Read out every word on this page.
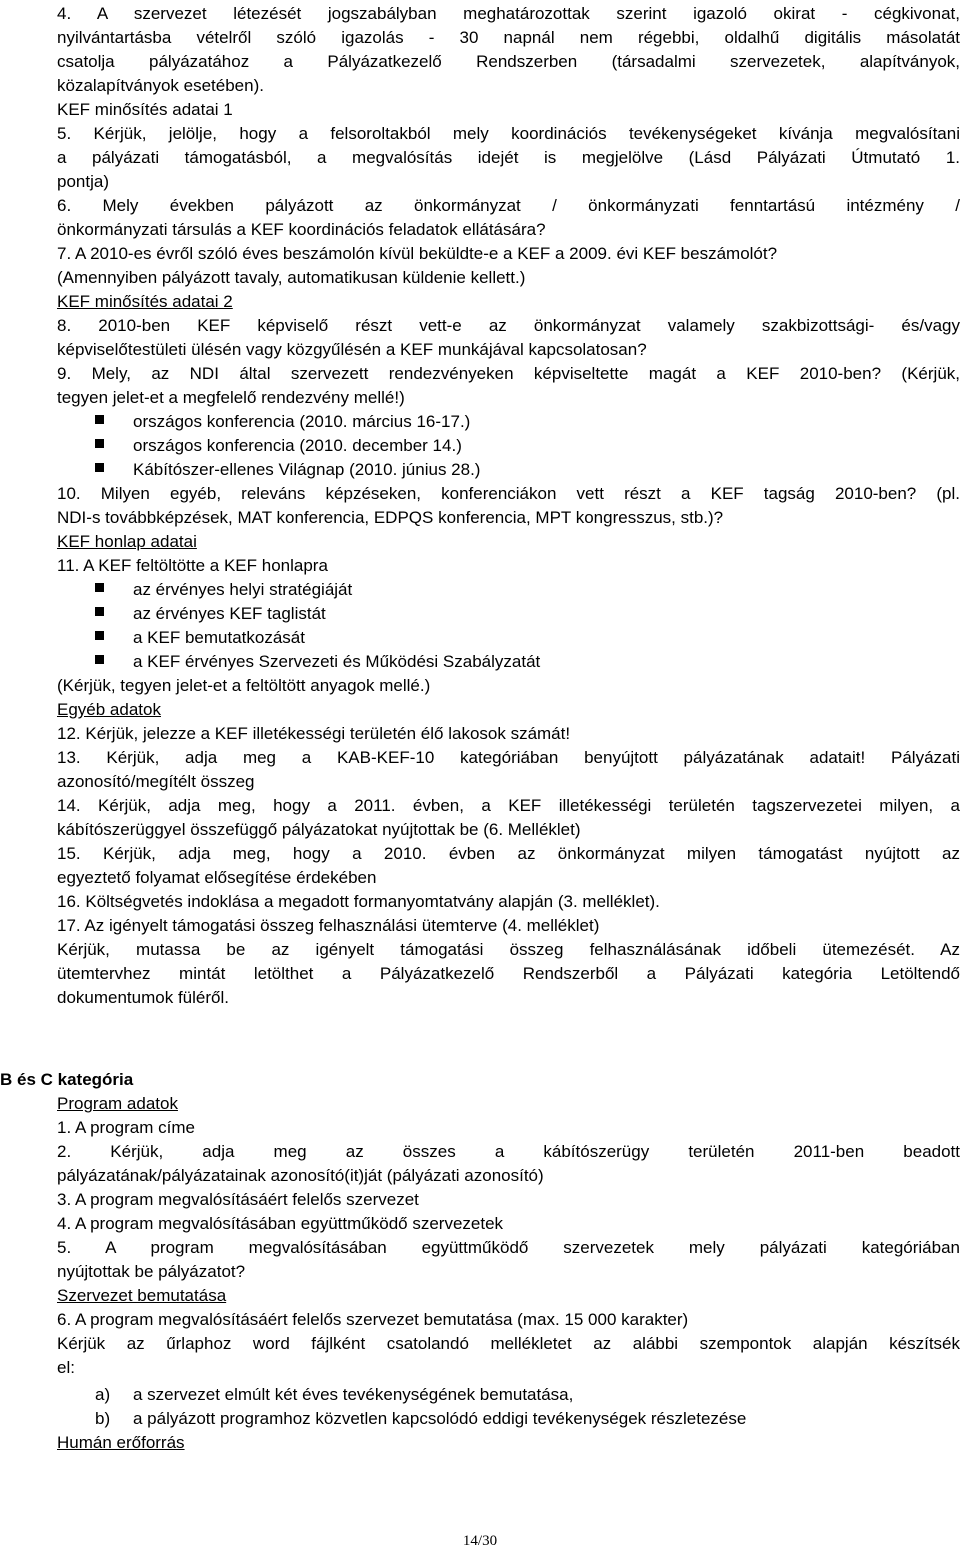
4. A szervezet létezését jogszabályban meghatározottak szerint igazoló okirat - cégkivonat,
nyilvántartásba vételről szóló igazolás - 30 napnál nem régebbi, oldalhű digitális másolatát
csatolja pályázatához a Pályázatkezelő Rendszerben (társadalmi szervezetek, alapítványok,
közalapítványok esetében).
KEF minősítés adatai 1
5. Kérjük, jelölje, hogy a felsoroltakból mely koordinációs tevékenységeket kívánja megvalósítani
a pályázati támogatásból, a megvalósítás idejét is megjelölve (Lásd Pályázati Útmutató 1.
pontja)
6. Mely években pályázott az önkormányzat / önkormányzati fenntartású intézmény /
önkormányzati társulás a KEF koordinációs feladatok ellátására?
7. A 2010-es évről szóló éves beszámolón kívül beküldte-e a KEF a 2009. évi KEF beszámolót?
(Amennyiben pályázott tavaly, automatikusan küldenie kellett.)
KEF minősítés adatai 2
8. 2010-ben KEF képviselő részt vett-e az önkormányzat valamely szakbizottsági- és/vagy
képviselőtestületi ülésén vagy közgyűlésén a KEF munkájával kapcsolatosan?
9. Mely, az NDI által szervezett rendezvényeken képviseltette magát a KEF 2010-ben? (Kérjük,
tegyen jelet-et a megfelelő rendezvény mellé!)
országos konferencia (2010. március 16-17.)
országos konferencia (2010. december 14.)
Kábítószer-ellenes Világnap (2010. június 28.)
10. Milyen egyéb, releváns képzéseken, konferenciákon vett részt a KEF tagság 2010-ben? (pl.
NDI-s továbbképzések, MAT konferencia, EDPQS konferencia, MPT kongresszus, stb.)?
KEF honlap adatai
11. A KEF feltöltötte a KEF honlapra
az érvényes helyi stratégiáját
az érvényes KEF taglistát
a KEF bemutatkozását
a KEF érvényes Szervezeti és Működési Szabályzatát
(Kérjük, tegyen jelet-et a feltöltött anyagok mellé.)
Egyéb adatok
12. Kérjük, jelezze a KEF illetékességi területén élő lakosok számát!
13. Kérjük, adja meg a KAB-KEF-10 kategóriában benyújtott pályázatának adatait! Pályázati
azonosító/megítélt összeg
14. Kérjük, adja meg, hogy a 2011. évben, a KEF illetékességi területén tagszervezetei milyen, a
kábítószerüggyel összefüggő pályázatokat nyújtottak be (6. Melléklet)
15. Kérjük, adja meg, hogy a 2010. évben az önkormányzat milyen támogatást nyújtott az
egyeztető folyamat elősegítése érdekében
16. Költségvetés indoklása a megadott formanyomtatvány alapján (3. melléklet).
17. Az igényelt támogatási összeg felhasználási ütemterve (4. melléklet)
Kérjük, mutassa be az igényelt támogatási összeg felhasználásának időbeli ütemezését. Az
ütemtervhez mintát letölthet a Pályázatkezelő Rendszerből a Pályázati kategória Letöltendő
dokumentumok füléről.
B és C kategória
Program adatok
1. A program címe
2. Kérjük, adja meg az összes a kábítószerügy területén 2011-ben beadott
pályázatának/pályázatainak azonosító(it)ját (pályázati azonosító)
3. A program megvalósításáért felelős szervezet
4. A program megvalósításában együttműködő szervezetek
5. A program megvalósításában együttműködő szervezetek mely pályázati kategóriában
nyújtottak be pályázatot?
Szervezet bemutatása
6. A program megvalósításáért felelős szervezet bemutatása (max. 15 000 karakter)
Kérjük az űrlaphoz word fájlként csatolandó mellékletet az alábbi szempontok alapján készítsék
el:
a) a szervezet elmúlt két éves tevékenységének bemutatása,
b) a pályázott programhoz közvetlen kapcsolódó eddigi tevékenységek részletezése
Humán erőforrás
14/30
